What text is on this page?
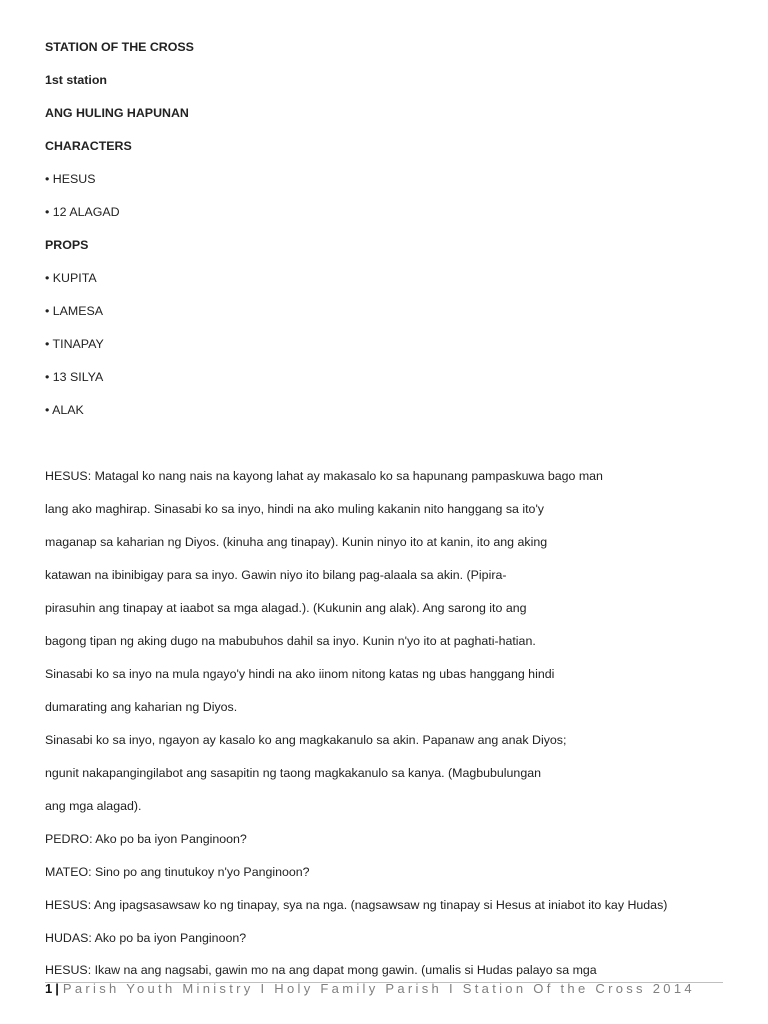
STATION OF THE CROSS
1st station
ANG HULING HAPUNAN
CHARACTERS
• HESUS
• 12 ALAGAD
PROPS
• KUPITA
• LAMESA
• TINAPAY
• 13 SILYA
• ALAK
HESUS: Matagal ko nang nais na kayong lahat ay makasalo ko sa hapunang pampaskuwa bago man
lang ako maghirap. Sinasabi ko sa inyo, hindi na ako muling kakanin nito hanggang sa ito'y
maganap sa kaharian ng Diyos. (kinuha ang tinapay). Kunin ninyo ito at kanin, ito ang aking
katawan na ibinibigay para sa inyo. Gawin niyo ito bilang pag-alaala sa akin. (Pipira-
pirasuhin ang tinapay at iaabot sa mga alagad.). (Kukunin ang alak). Ang sarong ito ang
bagong tipan ng aking dugo na mabubuhos dahil sa inyo. Kunin n'yo ito at paghati-hatian.
Sinasabi ko sa inyo na mula ngayo'y hindi na ako iinom nitong katas ng ubas hanggang hindi
dumarating ang kaharian ng Diyos.
Sinasabi ko sa inyo, ngayon ay kasalo ko ang magkakanulo sa akin. Papanaw ang anak Diyos;
ngunit nakapangingilabot ang sasapitin ng taong magkakanulo sa kanya. (Magbubulungan
ang mga alagad).
PEDRO: Ako po ba iyon Panginoon?
MATEO: Sino po ang tinutukoy n'yo Panginoon?
HESUS: Ang ipagsasawsaw ko ng tinapay, sya na nga. (nagsawsaw ng tinapay si Hesus at iniabot ito kay Hudas)
HUDAS: Ako po ba iyon Panginoon?
HESUS: Ikaw na ang nagsabi, gawin mo na ang dapat mong gawin. (umalis si Hudas palayo sa mga
1 | Parish Youth Ministry I Holy Family Parish I Station Of the Cross 2014
